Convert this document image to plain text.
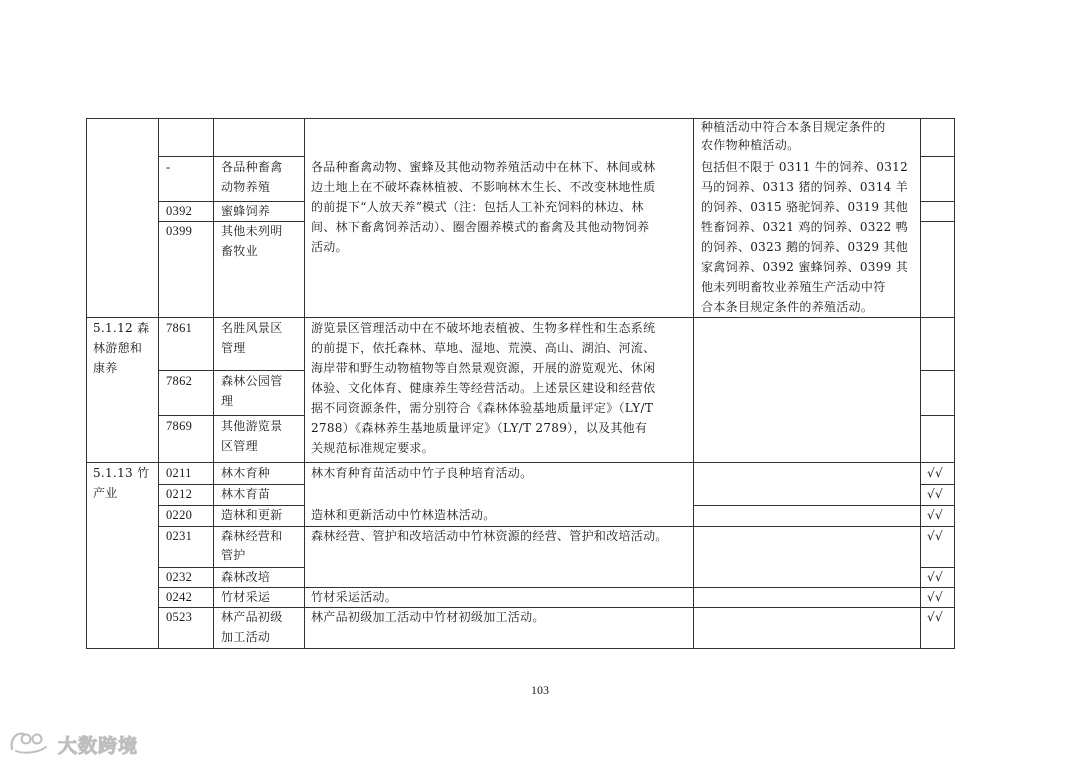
种植活动中符合本条目规定条件的
农作物种植活动。
-
0392
0399
各品种畜禽
动物养殖
蜜蜂饲养
其他未列明
畜牧业
各品种畜禽动物、蜜蜂及其他动物养殖活动中在林下、林间或林
边土地上在不破坏森林植被、不影响林木生长、不改变林地性质
的前提下“人放天养”模式（注：包括人工补充饲料的林边、林
间、林下畜禽饲养活动）、圈舍圈养模式的畜禽及其他动物饲养
活动。
包括但不限于 0311 牛的饲养、0312
马的饲养、0313 猪的饲养、0314 羊
的饲养、0315 骆驼饲养、0319 其他
牲畜饲养、0321 鸡的饲养、0322 鸭
的饲养、0323 鹅的饲养、0329 其他
家禽饲养、0392 蜜蜂饲养、0399 其
他未列明畜牧业养殖生产活动中符
合本条目规定条件的养殖活动。
5.1.12 森
林游憩和
康养
7861
7862
7869
名胜风景区
管理
森林公园管
理
其他游览景
区管理
游览景区管理活动中在不破坏地表植被、生物多样性和生态系统
的前提下，依托森林、草地、湿地、荒漠、高山、湖泊、河流、
海岸带和野生动物植物等自然景观资源，开展的游览观光、休闲
体验、文化体育、健康养生等经营活动。上述景区建设和经营依
据不同资源条件，需分别符合《森林体验基地质量评定》（LY/T
2788）《森林养生基地质量评定》（LY/T 2789），以及其他有
关规范标准规定要求。
5.1.13 竹
产业
0211
0212
0220
0231
0232
0242
0523
林木育种
林木育苗
造林和更新
森林经营和
管护
森林改培
竹材采运
林产品初级
加工活动
林木育种育苗活动中竹子良种培育活动。
造林和更新活动中竹林造林活动。
森林经营、管护和改培活动中竹林资源的经营、管护和改培活动。
竹材采运活动。
林产品初级加工活动中竹材初级加工活动。
√√
√√
√√
√√
√√
√√
√√
103
大数跨境
